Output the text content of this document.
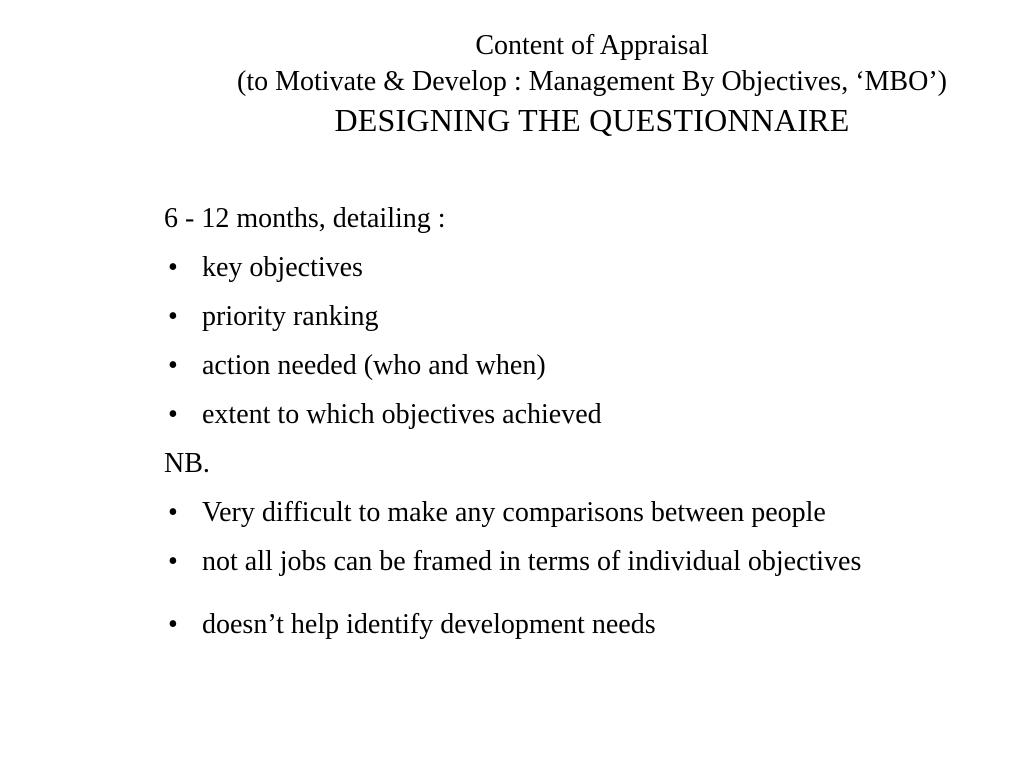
Content of Appraisal
(to Motivate & Develop : Management By Objectives, ‘MBO’)
DESIGNING THE QUESTIONNAIRE
6 - 12 months, detailing :
• key objectives
• priority ranking
• action needed (who and when)
• extent to which objectives achieved
NB.
• Very difficult to make any comparisons between people
• not all jobs can be framed in terms of individual objectives
• doesn’t help identify development needs
